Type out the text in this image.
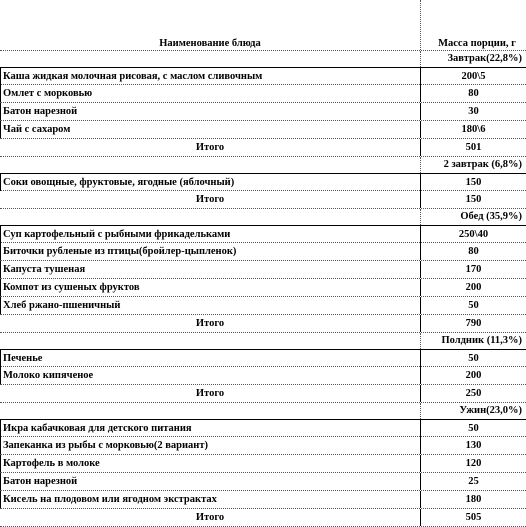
Наименование блюда	Масса порции, г
Завтрак(22,8%)
Каша жидкая молочная рисовая, с маслом сливочным	200\5
Омлет с морковью	80
Батон нарезной	30
Чай с сахаром	180\6
Итого	501
2 завтрак (6,8%)
Соки овощные, фруктовые, ягодные (яблочный)	150
Итого	150
Обед (35,9%)
Суп картофельный с рыбными фрикадельками	250\40
Биточки рубленые из птицы(бройлер-цыпленок)	80
Капуста тушеная	170
Компот из сушеных фруктов	200
Хлеб ржано-пшеничный	50
Итого	790
Полдник (11,3%)
Печенье	50
Молоко кипяченое	200
Итого	250
Ужин(23,0%)
Икра кабачковая для детского питания	50
Запеканка из рыбы с морковью(2 вариант)	130
Картофель в молоке	120
Батон нарезной	25
Кисель на плодовом или ягодном экстрактах	180
Итого	505
